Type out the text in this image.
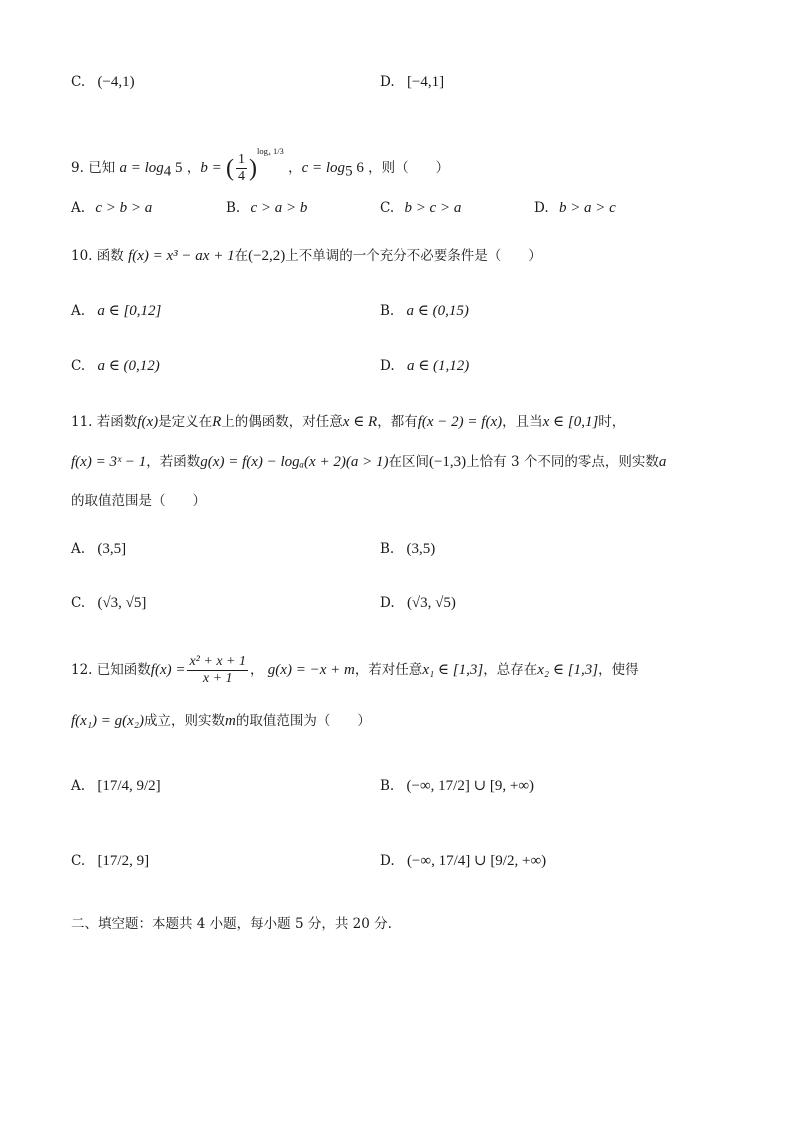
C. (−4,1)	D. [−4,1]
9. 已知 $a = \log_4 5$ ，b = ( $\frac{1}{4} )^{log_4 1/3}$ ，$c = \log_5 6$ ，则（　　）
A. c > b > a	B. c > a > b	C. b > c > a	D. b > a > c
10. 函数 f(x) = x³ − ax + 1在(−2,2)上不单调的一个充分不必要条件是（　　）
A. a ∈ [0,12]	B. a ∈ (0,15)
C. a ∈ (0,12)	D. a ∈ (1,12)
11. 若函数f(x)是定义在R上的偶函数，对任意x ∈ R，都有f(x − 2) = f(x)，且当x ∈ [0,1]时，
f(x) = 3ˣ − 1，若函数g(x) = f(x) − logₐ(x + 2)(a > 1)在区间(−1,3)上恰有 3 个不同的零点，则实数a
的取值范围是（　　）
A. (3,5]	B. (3,5)
C. (√3, √5]	D. (√3, √5)
12. 已知函数$f(x) = \frac{\text{x² + x + 1}}{x + 1}$ ， g(x) = −x + m，若对任意x₁ ∈ [1,3]，总存在x₂ ∈ [1,3]，使得
f(x₁) = g(x₂)成立，则实数m的取值范围为（　　）
A. [17/4, 9/2]	B. (−∞, 17/2] ∪ [9, +∞)
C. [17/2, 9]	D. (−∞, 17/4] ∪ [9/2, +∞)
二、填空题：本题共 4 小题，每小题 5 分，共 20 分.
